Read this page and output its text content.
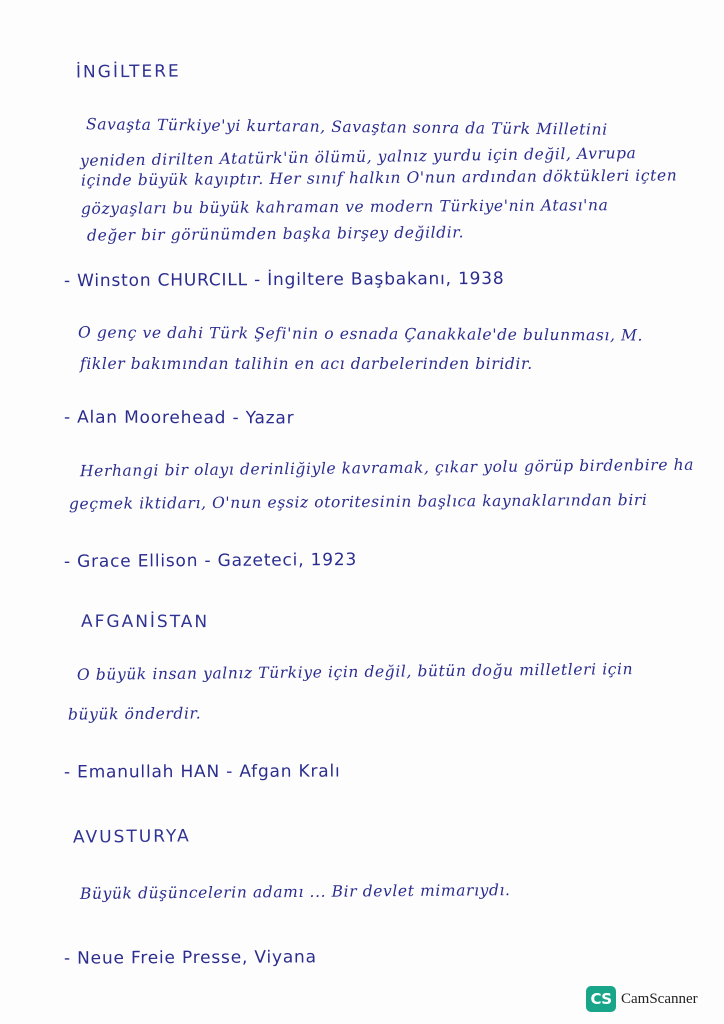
İNGİLTERE
Savaşta Türkiye'yi kurtaran, Savaştan sonra da Türk Milletini
yeniden dirilten Atatürk'ün ölümü, yalnız yurdu için değil, Avrupa
içinde büyük kayıptır. Her sınıf halkın O'nun ardından döktükleri içten
gözyaşları bu büyük kahraman ve modern Türkiye'nin Atası'na
değer bir görünümden başka birşey değildir.
- Winston CHURCILL - İngiltere Başbakanı, 1938
O genç ve dahi Türk Şefi'nin o esnada Çanakkale'de bulunması, M.
fikler bakımından talihin en acı darbelerinden biridir.
- Alan Moorehead - Yazar
Herhangi bir olayı derinliğiyle kavramak, çıkar yolu görüp birdenbire ha
geçmek iktidarı, O'nun eşsiz otoritesinin başlıca kaynaklarından biri
- Grace Ellison - Gazeteci, 1923
AFGANİSTAN
O büyük insan yalnız Türkiye için değil, bütün doğu milletleri için
büyük önderdir.
- Emanullah HAN - Afgan Kralı
AVUSTURYA
Büyük düşüncelerin adamı ... Bir devlet mimarıydı.
- Neue Freie Presse, Viyana
CS CamScanner
